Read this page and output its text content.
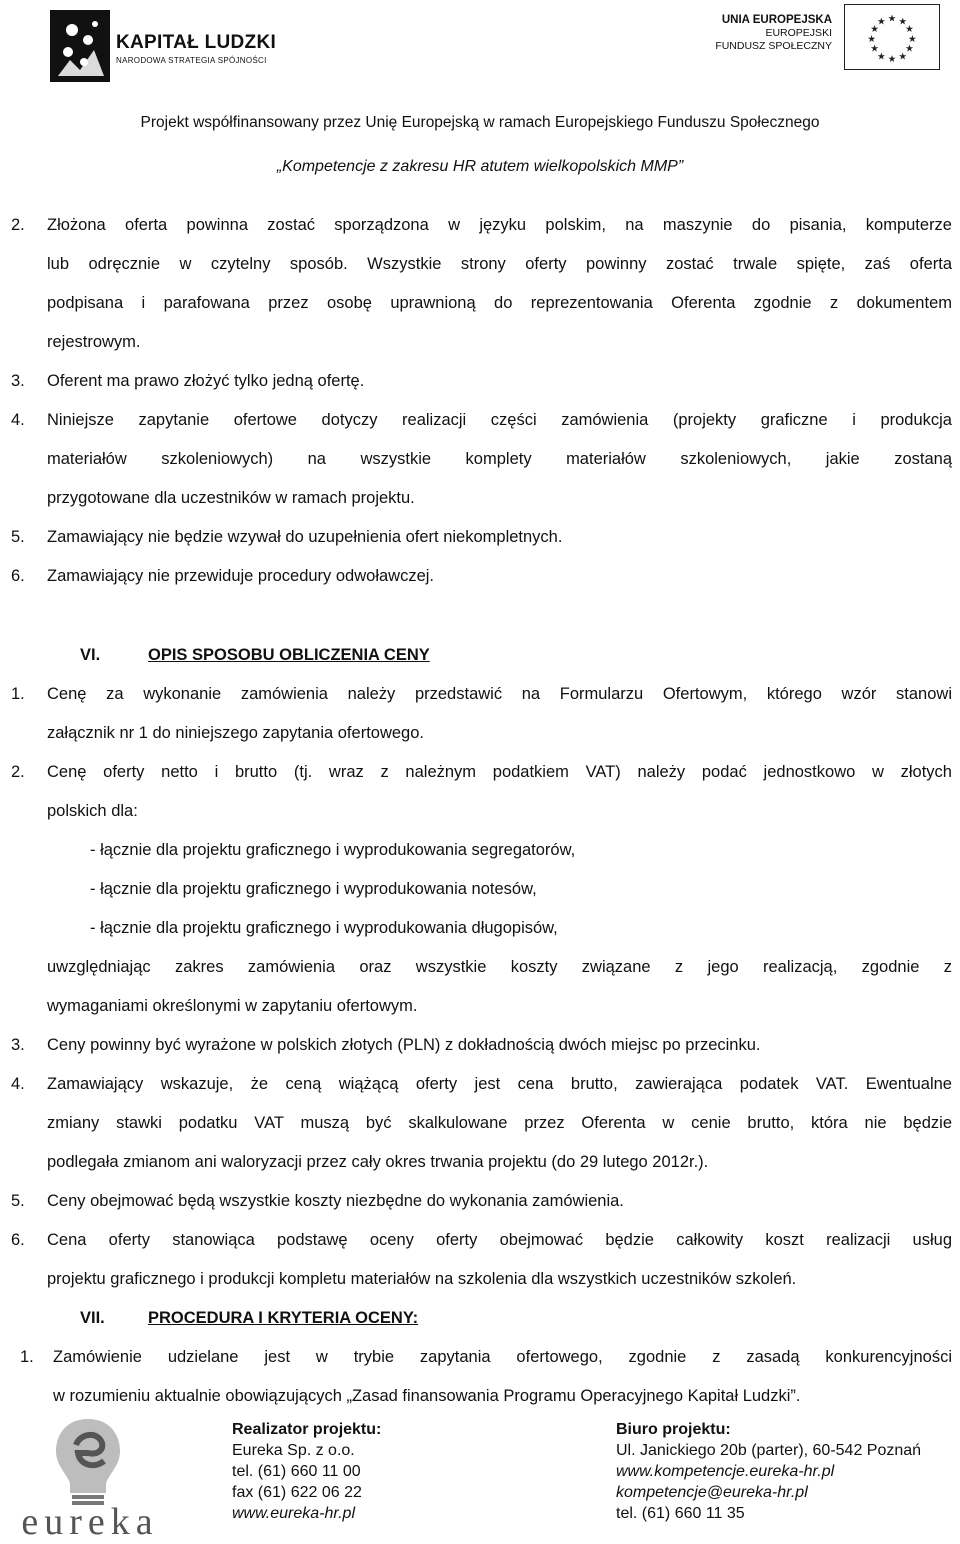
KAPITAŁ LUDZKI
NARODOWA STRATEGIA SPÓJNOŚCI
UNIA EUROPEJSKA
EUROPEJSKI
FUNDUSZ SPOŁECZNY
★ ★
★
★
★
★
★
★
★
★
★
★
Projekt współfinansowany przez Unię Europejską w ramach Europejskiego Funduszu Społecznego
„Kompetencje z zakresu HR atutem wielkopolskich MMP”
2.	Złożona oferta powinna zostać sporządzona w języku polskim, na maszynie do pisania, komputerze
lub odręcznie w czytelny sposób. Wszystkie strony oferty powinny zostać trwale spięte, zaś oferta
podpisana i parafowana przez osobę uprawnioną do reprezentowania Oferenta zgodnie z dokumentem
rejestrowym.
3.	Oferent ma prawo złożyć tylko jedną ofertę.
4.	Niniejsze zapytanie ofertowe dotyczy realizacji części zamówienia (projekty graficzne i produkcja
materiałów szkoleniowych) na wszystkie komplety materiałów szkoleniowych, jakie zostaną
przygotowane dla uczestników w ramach projektu.
5.	Zamawiający nie będzie wzywał do uzupełnienia ofert niekompletnych.
6.	Zamawiający nie przewiduje procedury odwoławczej.
VI.	OPIS SPOSOBU OBLICZENIA CENY
1.	Cenę za wykonanie zamówienia należy przedstawić na Formularzu Ofertowym, którego wzór stanowi
załącznik nr 1 do niniejszego zapytania ofertowego.
2.	Cenę oferty netto i brutto (tj. wraz z należnym podatkiem VAT) należy podać jednostkowo w złotych
polskich dla:
- łącznie dla projektu graficznego i wyprodukowania segregatorów,
- łącznie dla projektu graficznego i wyprodukowania notesów,
- łącznie dla projektu graficznego i wyprodukowania długopisów,
uwzględniając zakres zamówienia oraz wszystkie koszty związane z jego realizacją, zgodnie z
wymaganiami określonymi w zapytaniu ofertowym.
3.	Ceny powinny być wyrażone w polskich złotych (PLN) z dokładnością dwóch miejsc po przecinku.
4.	Zamawiający wskazuje, że ceną wiążącą oferty jest cena brutto, zawierająca podatek VAT. Ewentualne
zmiany stawki podatku VAT muszą być skalkulowane przez Oferenta w cenie brutto, która nie będzie
podlegała zmianom ani waloryzacji przez cały okres trwania projektu (do 29 lutego 2012r.).
5.	Ceny obejmować będą wszystkie koszty niezbędne do wykonania zamówienia.
6.	Cena oferty stanowiąca podstawę oceny oferty obejmować będzie całkowity koszt realizacji usług
projektu graficznego i produkcji kompletu materiałów na szkolenia dla wszystkich uczestników szkoleń.
VII.	PROCEDURA I KRYTERIA OCENY:
1.	Zamówienie udzielane jest w trybie zapytania ofertowego, zgodnie z zasadą konkurencyjności
w rozumieniu aktualnie obowiązujących „Zasad finansowania Programu Operacyjnego Kapitał Ludzki”.
eureka
Realizator projektu:
Eureka Sp. z o.o.
tel. (61) 660 11 00
fax (61) 622 06 22
www.eureka-hr.pl
Biuro projektu:
Ul. Janickiego 20b (parter), 60-542 Poznań
www.kompetencje.eureka-hr.pl
kompetencje@eureka-hr.pl
tel. (61) 660 11 35
